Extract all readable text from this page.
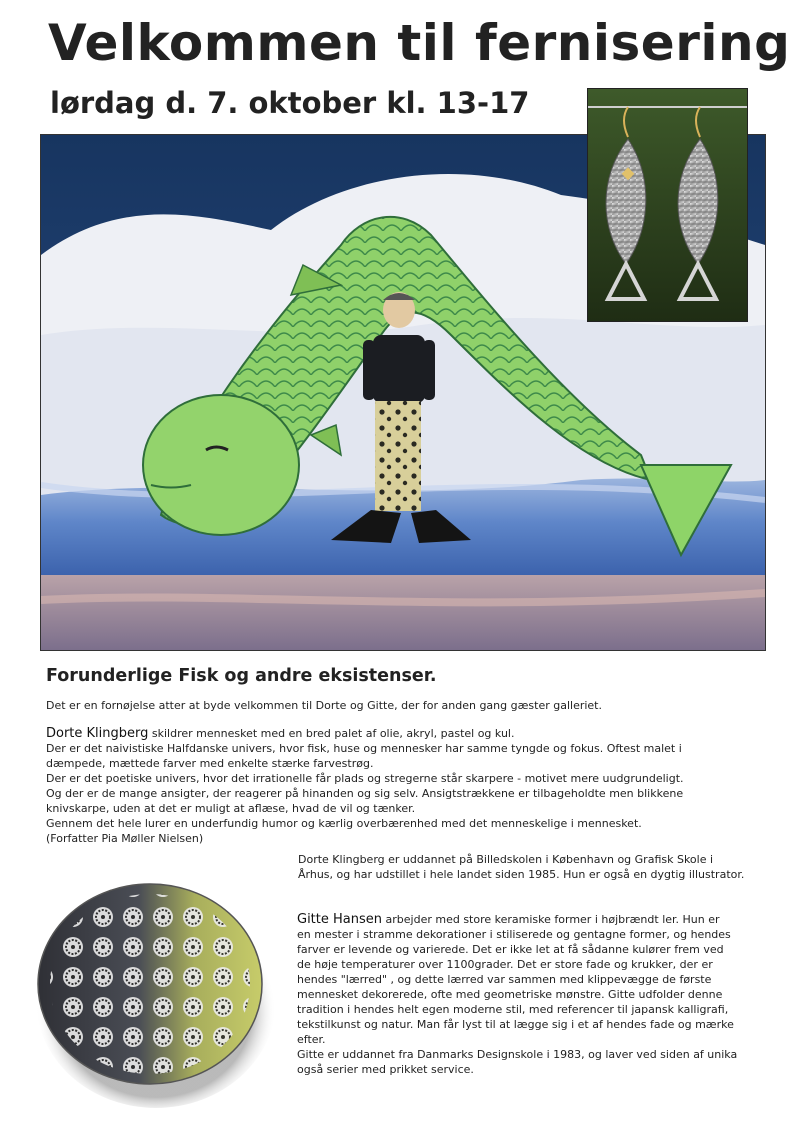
Velkommen til fernisering
lørdag d. 7. oktober kl. 13-17
Forunderlige Fisk og andre eksistenser.

Det er en fornøjelse atter at byde velkommen til Dorte og Gitte, der for anden gang gæster galleriet.

Dorte Klingberg skildrer mennesket med en bred palet af olie, akryl, pastel og kul.

Der er det naivistiske Halfdanske univers, hvor fisk, huse og mennesker har samme tyngde og fokus. Oftest malet i

dæmpede, mættede farver med enkelte stærke farvestrøg.

Der er det poetiske univers, hvor det irrationelle får plads og stregerne står skarpere - motivet mere uudgrundeligt.

Og der er de mange ansigter, der reagerer på hinanden og sig selv. Ansigtstrækkene er tilbageholdte men blikkene

knivskarpe, uden at det er muligt at aflæse, hvad de vil og tænker.

Gennem det hele lurer en underfundig humor og kærlig overbærenhed med det menneskelige i mennesket.

(Forfatter Pia Møller Nielsen)

Dorte Klingberg er uddannet på Billedskolen i København og Grafisk Skole i

Århus, og har udstillet i hele landet siden 1985. Hun er også en dygtig illustrator.

Gitte Hansen arbejder med store keramiske former i højbrændt ler. Hun er

en mester i stramme dekorationer i stiliserede og gentagne former, og hendes

farver er levende og varierede. Det er ikke let at få sådanne kulører frem ved

de høje temperaturer over 1100grader. Det er store fade og krukker, der er

hendes "lærred" , og dette lærred var sammen med klippevægge de første

mennesket dekorerede, ofte med geometriske mønstre. Gitte udfolder denne

tradition i hendes helt egen moderne stil, med referencer til japansk kalligrafi,

tekstilkunst og natur. Man får lyst til at lægge sig i et af hendes fade og mærke

efter.

Gitte er uddannet fra Danmarks Designskole i 1983, og laver ved siden af unika

også serier med prikket service.
